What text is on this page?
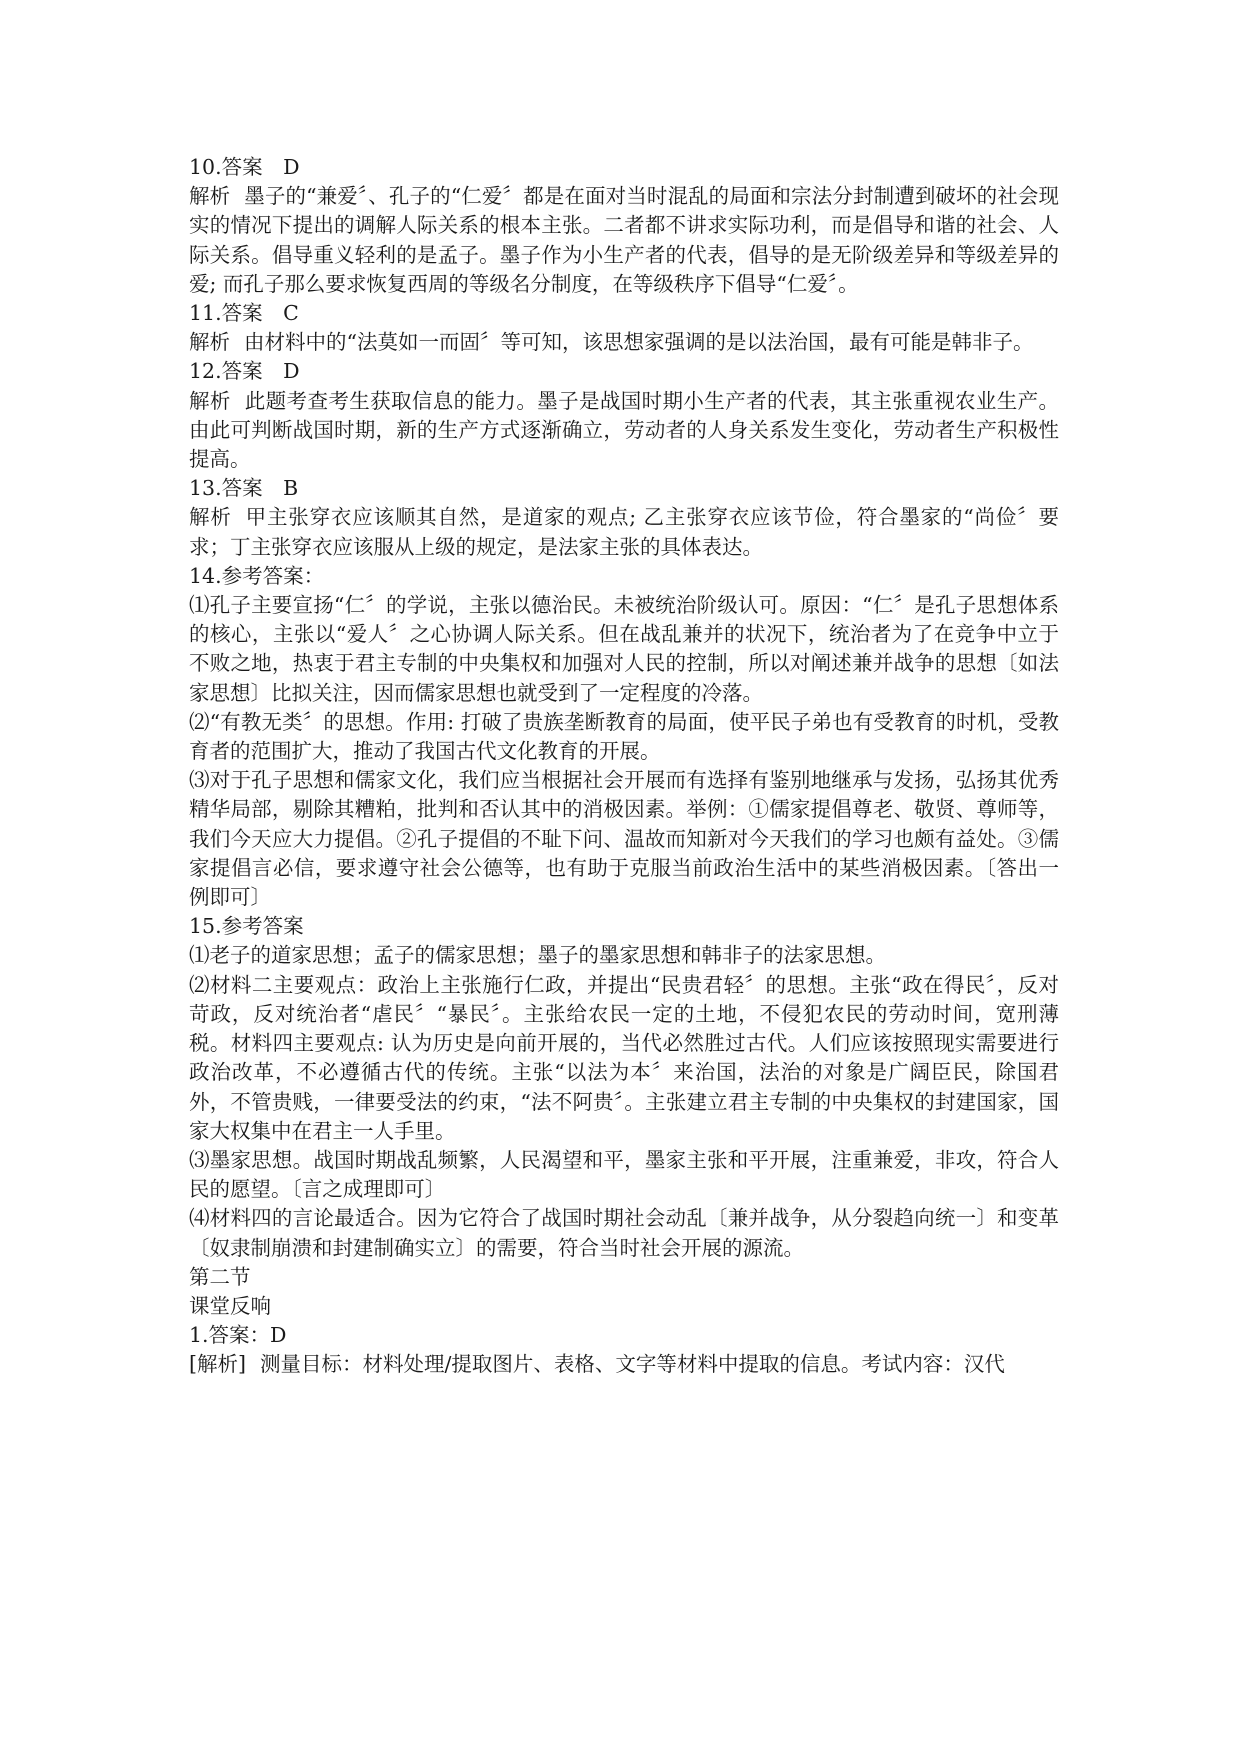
10.答案　D

解析 墨子的“兼爱〞、孔子的“仁爱〞都是在面对当时混乱的局面和宗法分封制遭到破坏的社会现实的情况下提出的调解人际关系的根本主张。二者都不讲求实际功利，而是倡导和谐的社会、人际关系。倡导重义轻利的是孟子。墨子作为小生产者的代表，倡导的是无阶级差异和等级差异的爱; 而孔子那么要求恢复西周的等级名分制度，在等级秩序下倡导“仁爱〞。

11.答案　C

解析 由材料中的“法莫如一而固〞等可知，该思想家强调的是以法治国，最有可能是韩非子。

12.答案　D

解析 此题考查考生获取信息的能力。墨子是战国时期小生产者的代表，其主张重视农业生产。由此可判断战国时期，新的生产方式逐渐确立，劳动者的人身关系发生变化，劳动者生产积极性提高。

13.答案　B

解析 甲主张穿衣应该顺其自然，是道家的观点; 乙主张穿衣应该节俭，符合墨家的“尚俭〞要求；丁主张穿衣应该服从上级的规定，是法家主张的具体表达。

14.参考答案：

⑴孔子主要宣扬“仁〞的学说，主张以德治民。未被统治阶级认可。原因：“仁〞是孔子思想体系的核心，主张以“爱人〞之心协调人际关系。但在战乱兼并的状况下，统治者为了在竞争中立于不败之地，热衷于君主专制的中央集权和加强对人民的控制，所以对阐述兼并战争的思想〔如法家思想〕比拟关注，因而儒家思想也就受到了一定程度的冷落。

⑵“有教无类〞的思想。作用: 打破了贵族垄断教育的局面，使平民子弟也有受教育的时机，受教育者的范围扩大，推动了我国古代文化教育的开展。

⑶对于孔子思想和儒家文化，我们应当根据社会开展而有选择有鉴别地继承与发扬，弘扬其优秀精华局部，剔除其糟粕，批判和否认其中的消极因素。举例：①儒家提倡尊老、敬贤、尊师等，我们今天应大力提倡。②孔子提倡的不耻下问、温故而知新对今天我们的学习也颇有益处。③儒家提倡言必信，要求遵守社会公德等，也有助于克服当前政治生活中的某些消极因素。〔答出一例即可〕

15.参考答案

⑴老子的道家思想；孟子的儒家思想；墨子的墨家思想和韩非子的法家思想。

⑵材料二主要观点：政治上主张施行仁政，并提出“民贵君轻〞的思想。主张“政在得民〞，反对苛政，反对统治者“虐民〞“暴民〞。主张给农民一定的土地，不侵犯农民的劳动时间，宽刑薄税。材料四主要观点: 认为历史是向前开展的，当代必然胜过古代。人们应该按照现实需要进行政治改革，不必遵循古代的传统。主张“以法为本〞来治国，法治的对象是广阔臣民，除国君外，不管贵贱，一律要受法的约束，“法不阿贵〞。主张建立君主专制的中央集权的封建国家，国家大权集中在君主一人手里。

⑶墨家思想。战国时期战乱频繁，人民渴望和平，墨家主张和平开展，注重兼爱，非攻，符合人民的愿望。〔言之成理即可〕

⑷材料四的言论最适合。因为它符合了战国时期社会动乱〔兼并战争，从分裂趋向统一〕和变革〔奴隶制崩溃和封建制确实立〕的需要，符合当时社会开展的源流。

第二节

课堂反响

1.答案：D

[解析] 测量目标：材料处理/提取图片、表格、文字等材料中提取的信息。考试内容：汉代
